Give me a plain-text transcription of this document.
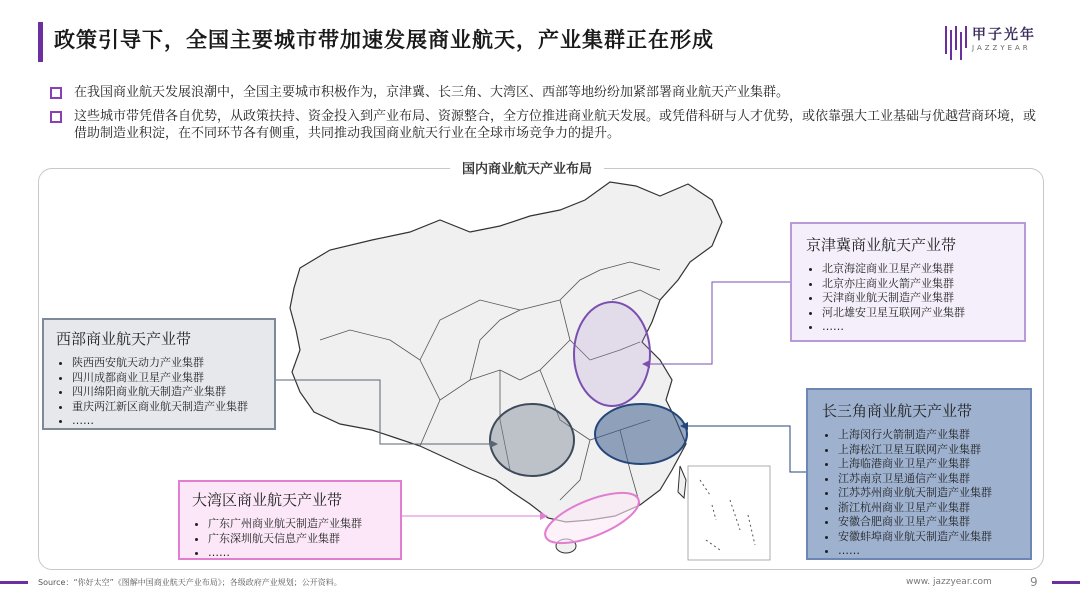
政策引导下，全国主要城市带加速发展商业航天，产业集群正在形成	甲子光年
JAZZYEAR
在我国商业航天发展浪潮中，全国主要城市积极作为，京津冀、长三角、大湾区、西部等地纷纷加紧部署商业航天产业集群。
这些城市带凭借各自优势，从政策扶持、资金投入到产业布局、资源整合，全方位推进商业航天发展。或凭借科研与人才优势，或依靠强大工业基础与优越营商环境，或借助制造业积淀，在不同环节各有侧重，共同推动我国商业航天行业在全球市场竞争力的提升。
国内商业航天产业布局
西部商业航天产业带
• 陕西西安航天动力产业集群
• 四川成都商业卫星产业集群
• 四川绵阳商业航天制造产业集群
• 重庆两江新区商业航天制造产业集群
• ……
京津冀商业航天产业带
• 北京海淀商业卫星产业集群
• 北京亦庄商业火箭产业集群
• 天津商业航天制造产业集群
• 河北雄安卫星互联网产业集群
• ……
长三角商业航天产业带
• 上海闵行火箭制造产业集群
• 上海松江卫星互联网产业集群
• 上海临港商业卫星产业集群
• 江苏南京卫星通信产业集群
• 江苏苏州商业航天制造产业集群
• 浙江杭州商业卫星产业集群
• 安徽合肥商业卫星产业集群
• 安徽蚌埠商业航天制造产业集群
• ……
大湾区商业航天产业带
• 广东广州商业航天制造产业集群
• 广东深圳航天信息产业集群
• ……
Source：“你好太空”《图解中国商业航天产业布局》；各级政府产业规划；公开资料。	www. jazzyear.com	9
